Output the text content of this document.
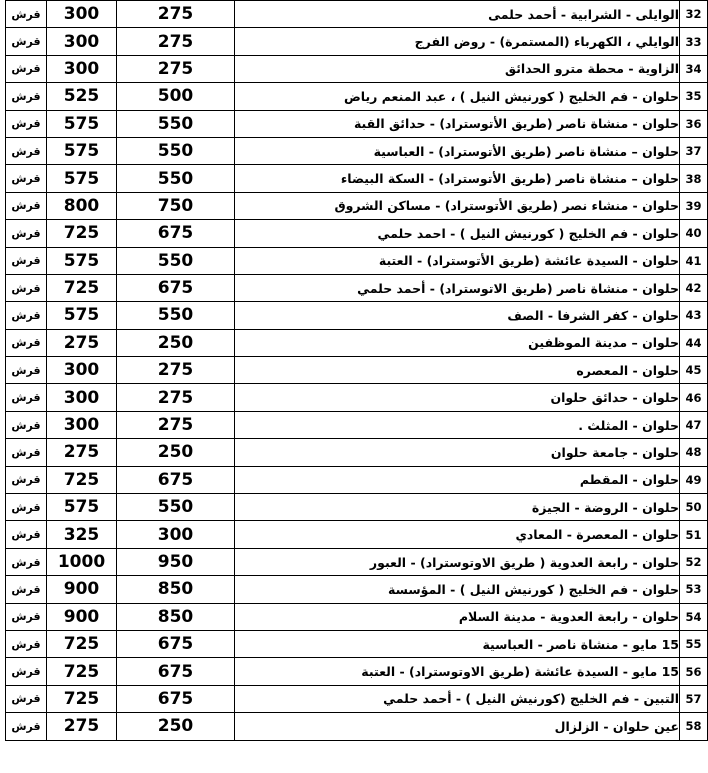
قرش	300	275	الوايلى - الشرابية - أحمد حلمى	32
قرش	300	275	الوايلي ، الكهرباء (المستمرة) - روض الفرج	33
قرش	300	275	الزاوية - محطة مترو الحدائق	34
قرش	525	500	حلوان - فم الخليج ( كورنيش النيل ) ، عبد المنعم رياض	35
قرش	575	550	حلوان - منشاة ناصر (طريق الأتوستراد) - حدائق القبة	36
قرش	575	550	حلوان – منشاة ناصر (طريق الأتوستراد) - العباسية	37
قرش	575	550	حلوان – منشاة ناصر (طريق الأتوستراد) - السكة البيضاء	38
قرش	800	750	حلوان - منشاء نصر (طريق الأتوستراد) - مساكن الشروق	39
قرش	725	675	حلوان - فم الخليج ( كورنيش النيل ) - احمد حلمي	40
قرش	575	550	حلوان - السيدة عائشة (طريق الأتوستراد) - العتبة	41
قرش	725	675	حلوان - منشاة ناصر (طريق الاتوستراد) - أحمد حلمي	42
قرش	575	550	حلوان - كفر الشرفا - الصف	43
قرش	275	250	حلوان – مدينة الموظفين	44
قرش	300	275	حلوان - المعصره	45
قرش	300	275	حلوان - حدائق حلوان	46
قرش	300	275	حلوان - المثلث .	47
قرش	275	250	حلوان - جامعة حلوان	48
قرش	725	675	حلوان - المقطم	49
قرش	575	550	حلوان - الروضة - الجيزة	50
قرش	325	300	حلوان - المعصرة - المعادي	51
قرش	1000	950	حلوان - رابعة العدوية ( طريق الاوتوستراد) - العبور	52
قرش	900	850	حلوان - فم الخليج ( كورنيش النيل ) - المؤسسة	53
قرش	900	850	حلوان - رابعة العدوية - مدينة السلام	54
قرش	725	675	15 مايو - منشاة ناصر - العباسية	55
قرش	725	675	15 مايو - السيدة عائشة (طريق الاوتوستراد) - العتبة	56
قرش	725	675	التبين - فم الخليج (كورنيش النيل ) - أحمد حلمي	57
قرش	275	250	عين حلوان - الزلزال	58
